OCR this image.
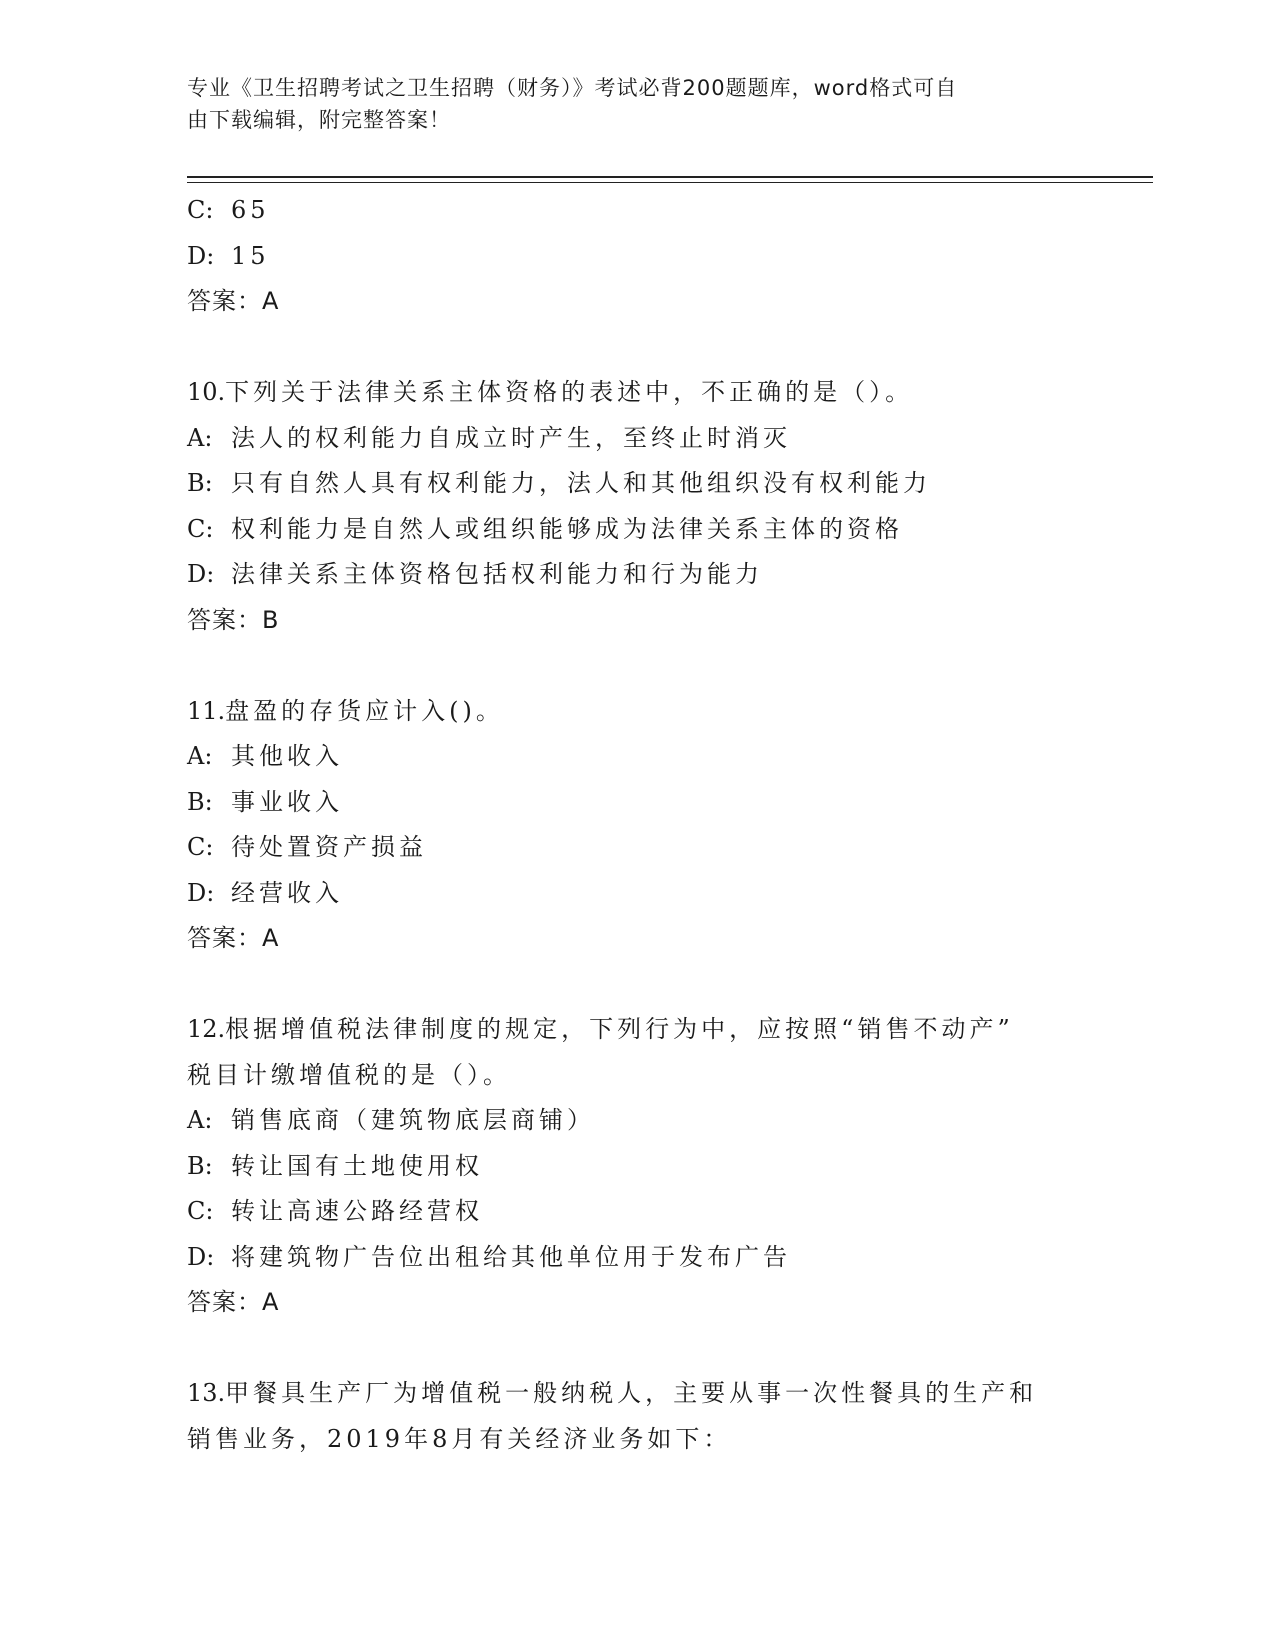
专业《卫生招聘考试之卫生招聘（财务）》考试必背200题题库，word格式可自
由下载编辑，附完整答案！
C: 65
D: 15
答案：A
10.下列关于法律关系主体资格的表述中，不正确的是（）。
A: 法人的权利能力自成立时产生，至终止时消灭
B: 只有自然人具有权利能力，法人和其他组织没有权利能力
C: 权利能力是自然人或组织能够成为法律关系主体的资格
D: 法律关系主体资格包括权利能力和行为能力
答案：B
11.盘盈的存货应计入()。
A: 其他收入
B: 事业收入
C: 待处置资产损益
D: 经营收入
答案：A
12.根据增值税法律制度的规定，下列行为中，应按照“销售不动产”
税目计缴增值税的是（）。
A: 销售底商（建筑物底层商铺）
B: 转让国有土地使用权
C: 转让高速公路经营权
D: 将建筑物广告位出租给其他单位用于发布广告
答案：A
13.甲餐具生产厂为增值税一般纳税人，主要从事一次性餐具的生产和
销售业务，2019年8月有关经济业务如下：
